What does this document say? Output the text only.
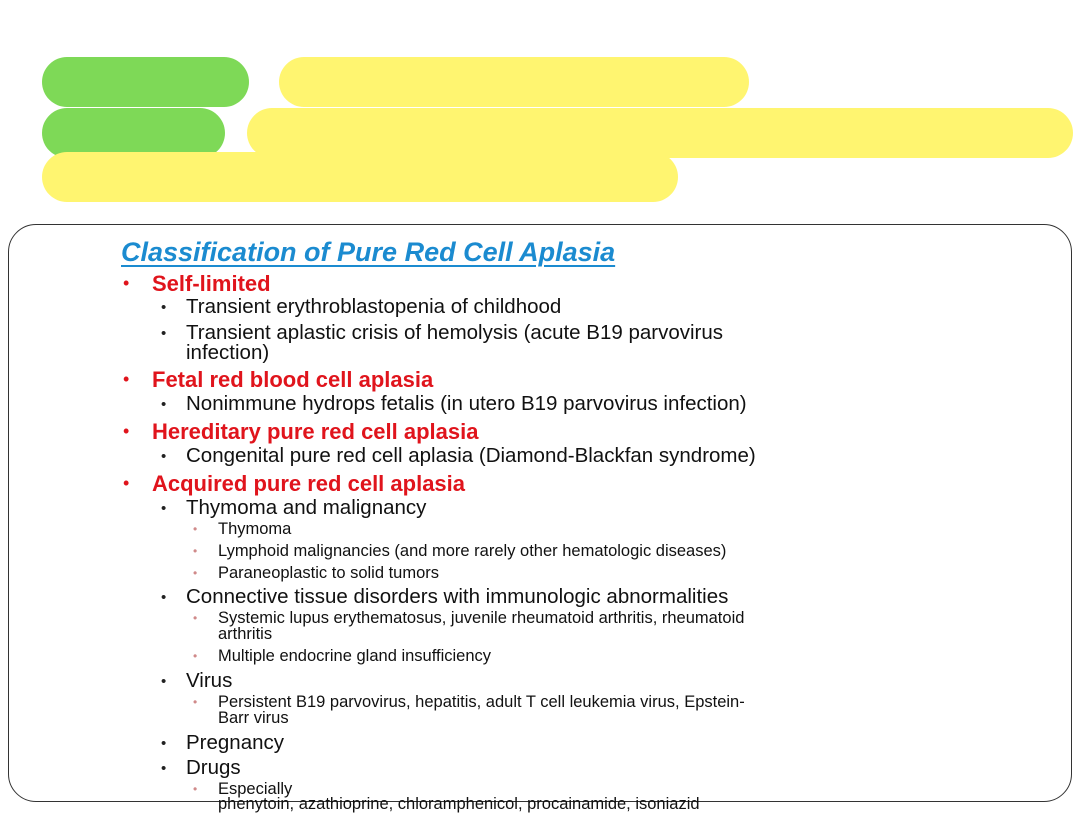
Classification of Pure Red Cell Aplasia
• Self-limited
• Transient erythroblastopenia of childhood
• Transient aplastic crisis of hemolysis (acute B19 parvovirus
infection)
• Fetal red blood cell aplasia
• Nonimmune hydrops fetalis (in utero B19 parvovirus infection)
• Hereditary pure red cell aplasia
• Congenital pure red cell aplasia (Diamond-Blackfan syndrome)
• Acquired pure red cell aplasia
• Thymoma and malignancy
• Thymoma
• Lymphoid malignancies (and more rarely other hematologic diseases)
• Paraneoplastic to solid tumors
• Connective tissue disorders with immunologic abnormalities
• Systemic lupus erythematosus, juvenile rheumatoid arthritis, rheumatoid
arthritis
• Multiple endocrine gland insufficiency
• Virus
• Persistent B19 parvovirus, hepatitis, adult T cell leukemia virus, Epstein-
Barr virus
• Pregnancy
• Drugs
• Especially
phenytoin, azathioprine, chloramphenicol, procainamide, isoniazid
